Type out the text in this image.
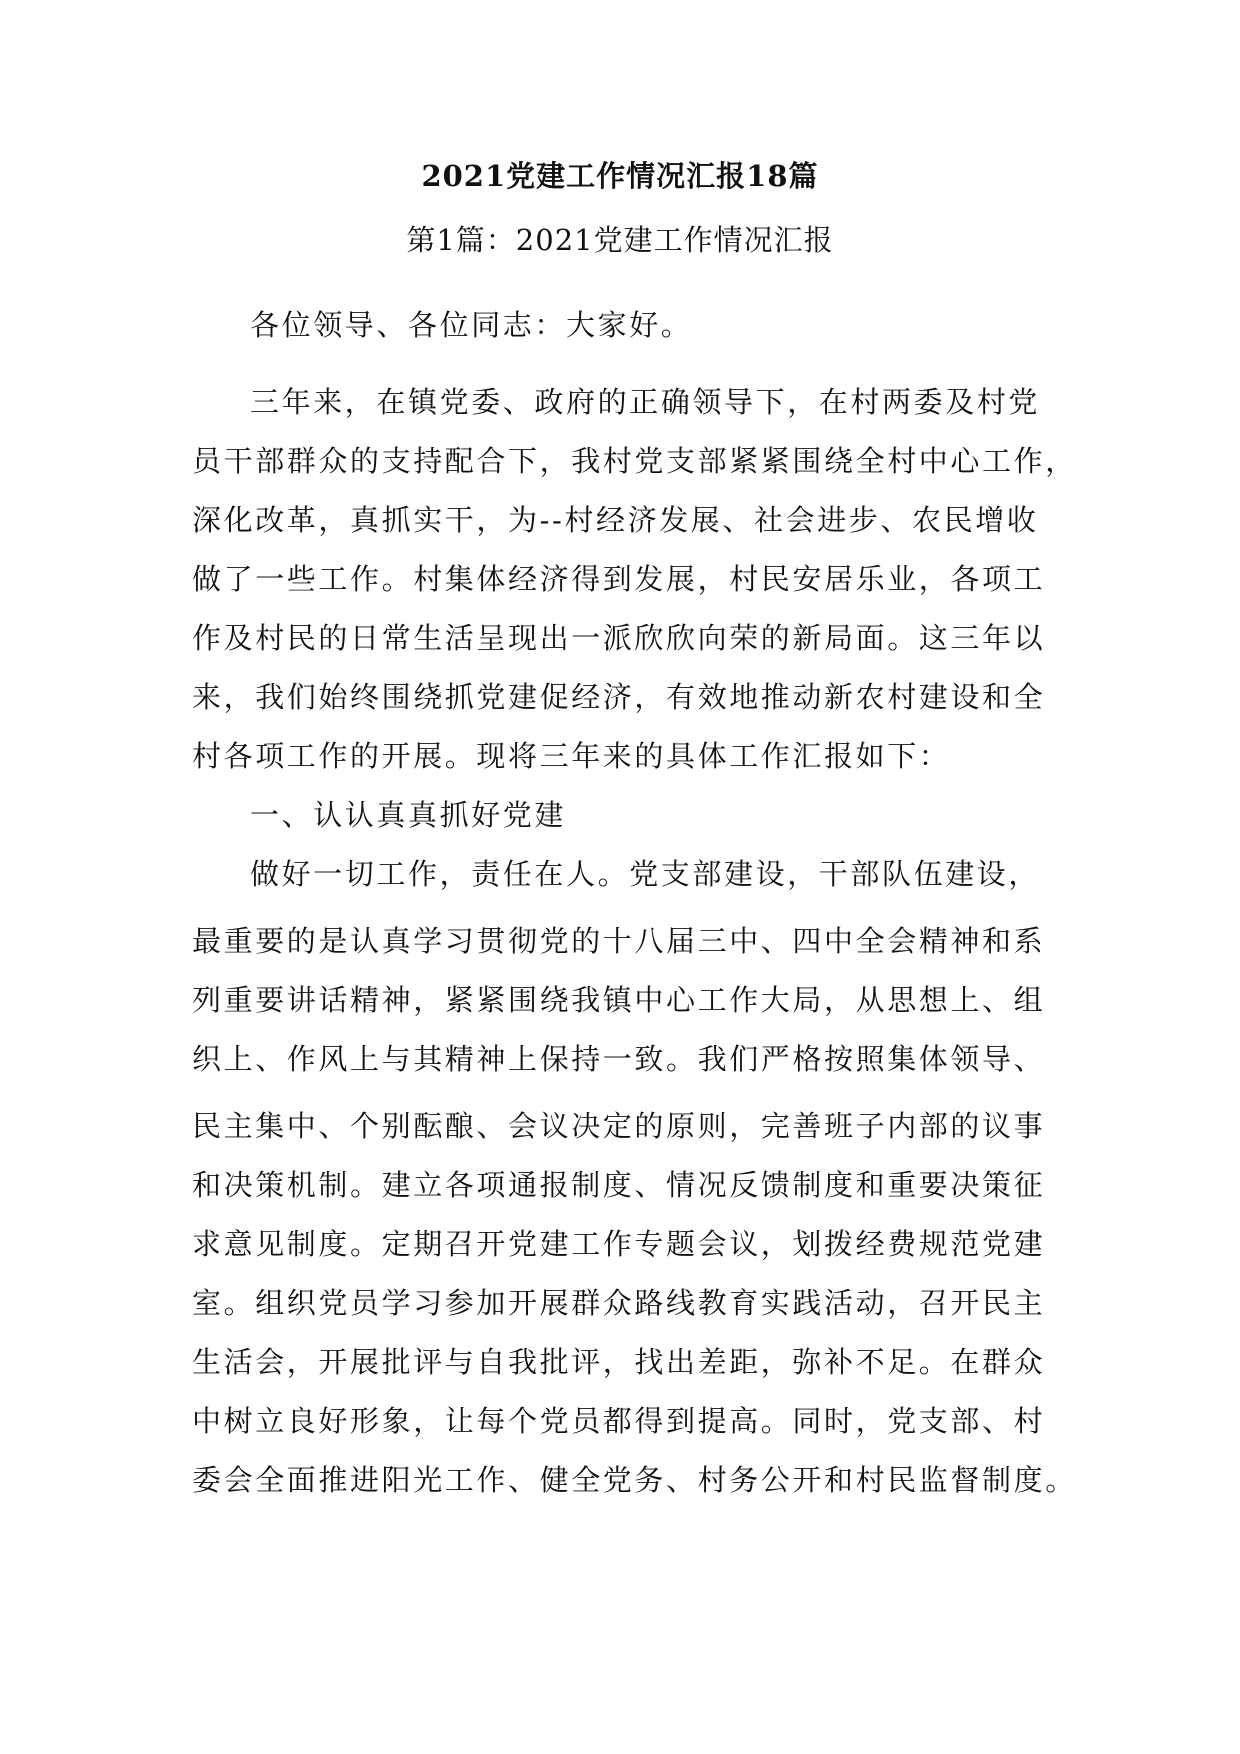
2021党建工作情况汇报18篇
第1篇：2021党建工作情况汇报

各位领导、各位同志：大家好。

三年来，在镇党委、政府的正确领导下，在村两委及村党
员干部群众的支持配合下，我村党支部紧紧围绕全村中心工作，
深化改革，真抓实干，为--村经济发展、社会进步、农民增收
做了一些工作。村集体经济得到发展，村民安居乐业，各项工
作及村民的日常生活呈现出一派欣欣向荣的新局面。这三年以
来，我们始终围绕抓党建促经济，有效地推动新农村建设和全
村各项工作的开展。现将三年来的具体工作汇报如下：

一、认认真真抓好党建

做好一切工作，责任在人。党支部建设，干部队伍建设，
最重要的是认真学习贯彻党的十八届三中、四中全会精神和系
列重要讲话精神，紧紧围绕我镇中心工作大局，从思想上、组
织上、作风上与其精神上保持一致。我们严格按照集体领导、
民主集中、个别酝酿、会议决定的原则，完善班子内部的议事
和决策机制。建立各项通报制度、情况反馈制度和重要决策征
求意见制度。定期召开党建工作专题会议，划拨经费规范党建
室。组织党员学习参加开展群众路线教育实践活动，召开民主
生活会，开展批评与自我批评，找出差距，弥补不足。在群众
中树立良好形象，让每个党员都得到提高。同时，党支部、村
委会全面推进阳光工作、健全党务、村务公开和村民监督制度。
